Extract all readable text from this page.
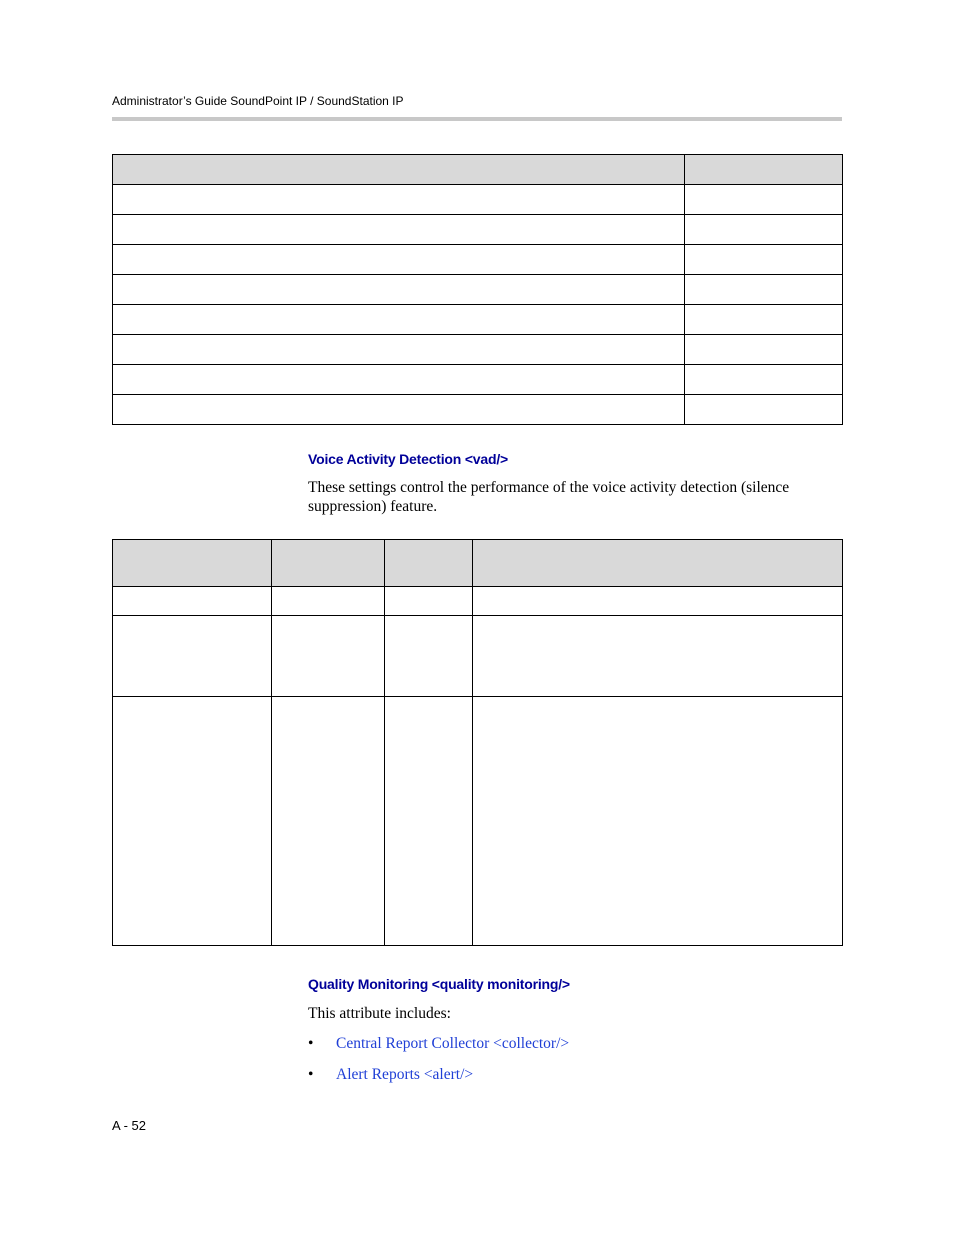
Administrator’s Guide SoundPoint IP / SoundStation IP

Voice Activity Detection <vad/>
These settings control the performance of the voice activity detection (silence suppression) feature.

Quality Monitoring <quality monitoring/>
This attribute includes:
• Central Report Collector <collector/>
• Alert Reports <alert/>
A - 52
